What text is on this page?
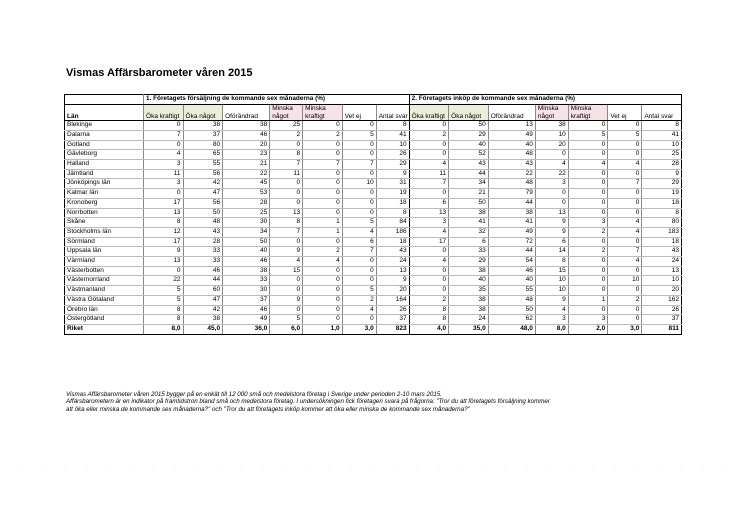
Vismas Affärsbarometer våren 2015
	1. Företagets försäljning de kommande sex månaderna (%)							2. Företagets inköp de kommande sex månaderna (%)						
Län	Öka kraftigt	Öka något	Oförändrad	Minska något	Minska kraftigt	Vet ej	Antal svar	Öka kraftigt	Öka något	Oförändrad	Minska något	Minska kraftigt	Vet ej	Antal svar
Blekinge	0	38	38	25	0	0	8	0	50	13	38	0	0	8
Dalarna	7	37	46	2	2	5	41	2	29	49	10	5	5	41
Gotland	0	80	20	0	0	0	10	0	40	40	20	0	0	10
Gävleborg	4	65	23	8	0	0	26	0	52	48	0	0	0	25
Halland	3	55	21	7	7	7	29	4	43	43	4	4	4	28
Jämtland	11	56	22	11	0	0	9	11	44	22	22	0	0	9
Jönköpings län	3	42	45	0	0	10	31	7	34	48	3	0	7	29
Kalmar län	0	47	53	0	0	0	19	0	21	79	0	0	0	19
Kronoberg	17	56	28	0	0	0	18	6	50	44	0	0	0	18
Norrbotten	13	50	25	13	0	0	8	13	38	38	13	0	0	8
Skåne	8	48	30	8	1	5	84	3	41	41	9	3	4	80
Stockholms län	12	43	34	7	1	4	186	4	32	49	9	2	4	183
Sörmland	17	28	50	0	0	6	18	17	6	72	6	0	0	18
Uppsala län	9	33	40	9	2	7	43	0	33	44	14	2	7	43
Värmland	13	33	46	4	4	0	24	4	29	54	8	0	4	24
Västerbotten	0	46	38	15	0	0	13	0	38	46	15	0	0	13
Västernorrland	22	44	33	0	0	0	9	0	40	40	10	0	10	10
Västmanland	5	60	30	0	0	5	20	0	35	55	10	0	0	20
Västra Götaland	5	47	37	9	0	2	164	2	38	48	9	1	2	162
Örebro län	8	42	46	0	0	4	26	8	38	50	4	0	0	26
Östergötland	8	38	49	5	0	0	37	8	24	62	3	3	0	37
Riket	8,0	45,0	36,0	6,0	1,0	3,0	823	4,0	35,0	48,0	8,0	2,0	3,0	811
Vismas Affärsbarometer våren 2015 bygger på en enkät till 12 000 små och medelstora företag i Sverige under perioden 2-10 mars 2015.
Affärsbarometern är en indikator på framtidstron bland små och medelstora företag. I undersökningen fick företagen svara på frågorna: "Tror du att företagets försäljning kommer
att öka eller minska de kommande sex månaderna?" och "Tror du att företagets inköp kommer att öka eller minska de kommande sex månaderna?"
